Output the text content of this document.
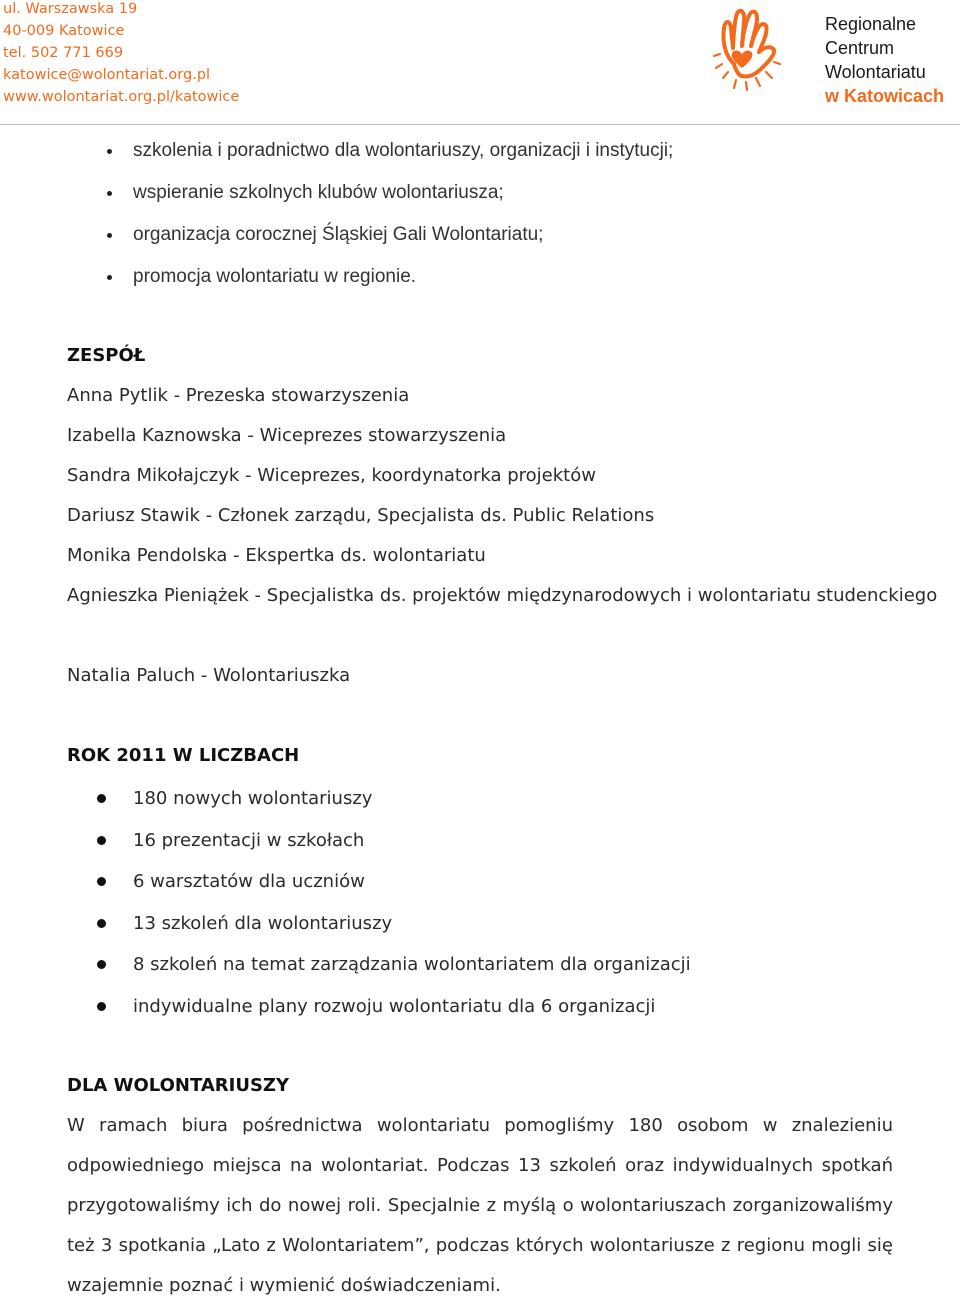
ul. Warszawska 19
40-009 Katowice
tel. 502 771 669
katowice@wolontariat.org.pl
www.wolontariat.org.pl/katowice
Regionalne
Centrum
Wolontariatu
w Katowicach
szkolenia i poradnictwo dla wolontariuszy, organizacji i instytucji;
wspieranie szkolnych klubów wolontariusza;
organizacja corocznej Śląskiej Gali Wolontariatu;
promocja wolontariatu w regionie.
ZESPÓŁ
Anna Pytlik - Prezeska stowarzyszenia
Izabella Kaznowska - Wiceprezes stowarzyszenia
Sandra Mikołajczyk - Wiceprezes, koordynatorka projektów
Dariusz Stawik - Członek zarządu, Specjalista ds. Public Relations
Monika Pendolska - Ekspertka ds. wolontariatu
Agnieszka Pieniążek - Specjalistka ds. projektów międzynarodowych i wolontariatu studenckiego
Natalia Paluch - Wolontariuszka
ROK 2011 W LICZBACH
180 nowych wolontariuszy
16 prezentacji w szkołach
6 warsztatów dla uczniów
13 szkoleń dla wolontariuszy
8 szkoleń na temat zarządzania wolontariatem dla organizacji
indywidualne plany rozwoju wolontariatu dla 6 organizacji
DLA WOLONTARIUSZY
W ramach biura pośrednictwa wolontariatu pomogliśmy 180 osobom w znalezieniu
odpowiedniego miejsca na wolontariat. Podczas 13 szkoleń oraz indywidualnych spotkań
przygotowaliśmy ich do nowej roli. Specjalnie z myślą o wolontariuszach zorganizowaliśmy
też 3 spotkania „Lato z Wolontariatem”, podczas których wolontariusze z regionu mogli się
wzajemnie poznać i wymienić doświadczeniami.
